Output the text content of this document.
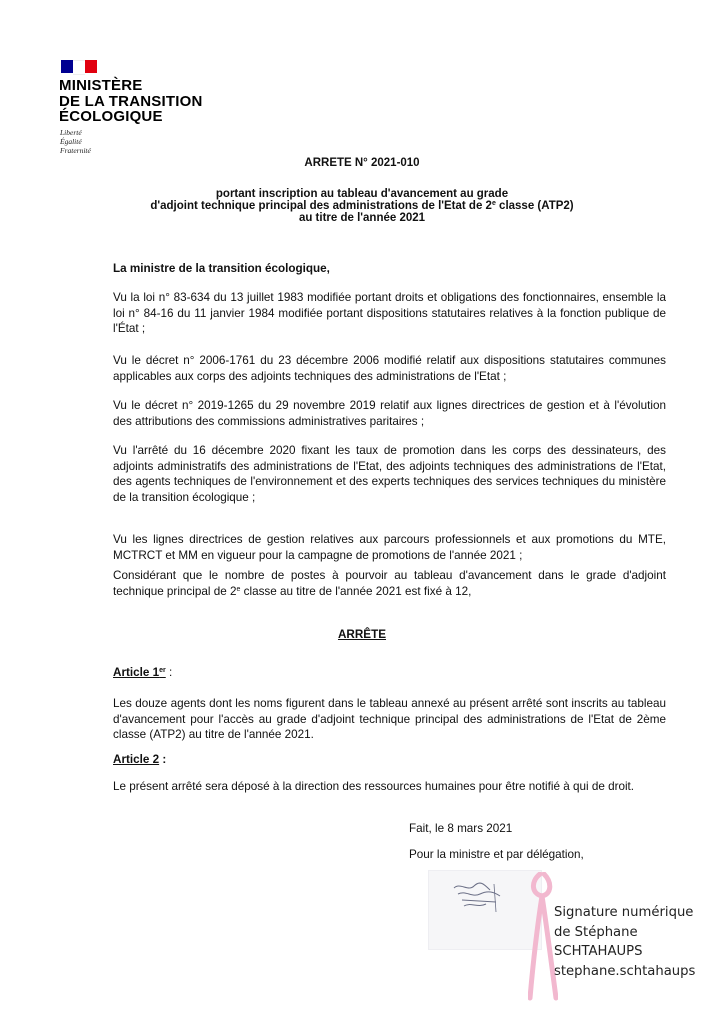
MINISTÈRE
DE LA TRANSITION
ÉCOLOGIQUE
Liberté
Égalité
Fraternité
ARRETE N° 2021-010
portant inscription au tableau d'avancement au grade
d'adjoint technique principal des administrations de l'Etat de 2e classe (ATP2)
au titre de l'année 2021
La ministre de la transition écologique,
Vu la loi n° 83-634 du 13 juillet 1983 modifiée portant droits et obligations des fonctionnaires, ensemble la loi n° 84-16 du 11 janvier 1984 modifiée portant dispositions statutaires relatives à la fonction publique de l'État ;
Vu le décret n° 2006-1761 du 23 décembre 2006 modifié relatif aux dispositions statutaires communes applicables aux corps des adjoints techniques des administrations de l'Etat ;
Vu le décret n° 2019-1265 du 29 novembre 2019 relatif aux lignes directrices de gestion et à l'évolution des attributions des commissions administratives paritaires ;
Vu l'arrêté du 16 décembre 2020 fixant les taux de promotion dans les corps des dessinateurs, des adjoints administratifs des administrations de l'Etat, des adjoints techniques des administrations de l'Etat, des agents techniques de l'environnement et des experts techniques des services techniques du ministère de la transition écologique ;
Vu les lignes directrices de gestion relatives aux parcours professionnels et aux promotions du MTE, MCTRCT et MM en vigueur pour la campagne de promotions de l'année 2021 ;
Considérant que le nombre de postes à pourvoir au tableau d'avancement dans le grade d'adjoint technique principal de 2e classe au titre de l'année 2021 est fixé à 12,
ARRÊTE
Article 1er :
Les douze agents dont les noms figurent dans le tableau annexé au présent arrêté sont inscrits au tableau d'avancement pour l'accès au grade d'adjoint technique principal des administrations de l'Etat de 2ème classe (ATP2) au titre de l'année 2021.
Article 2 :
Le présent arrêté sera déposé à la direction des ressources humaines pour être notifié à qui de droit.
Fait, le 8 mars 2021
Pour la ministre et par délégation,
Signature numérique
de Stéphane
SCHTAHAUPS
stephane.schtahaups
